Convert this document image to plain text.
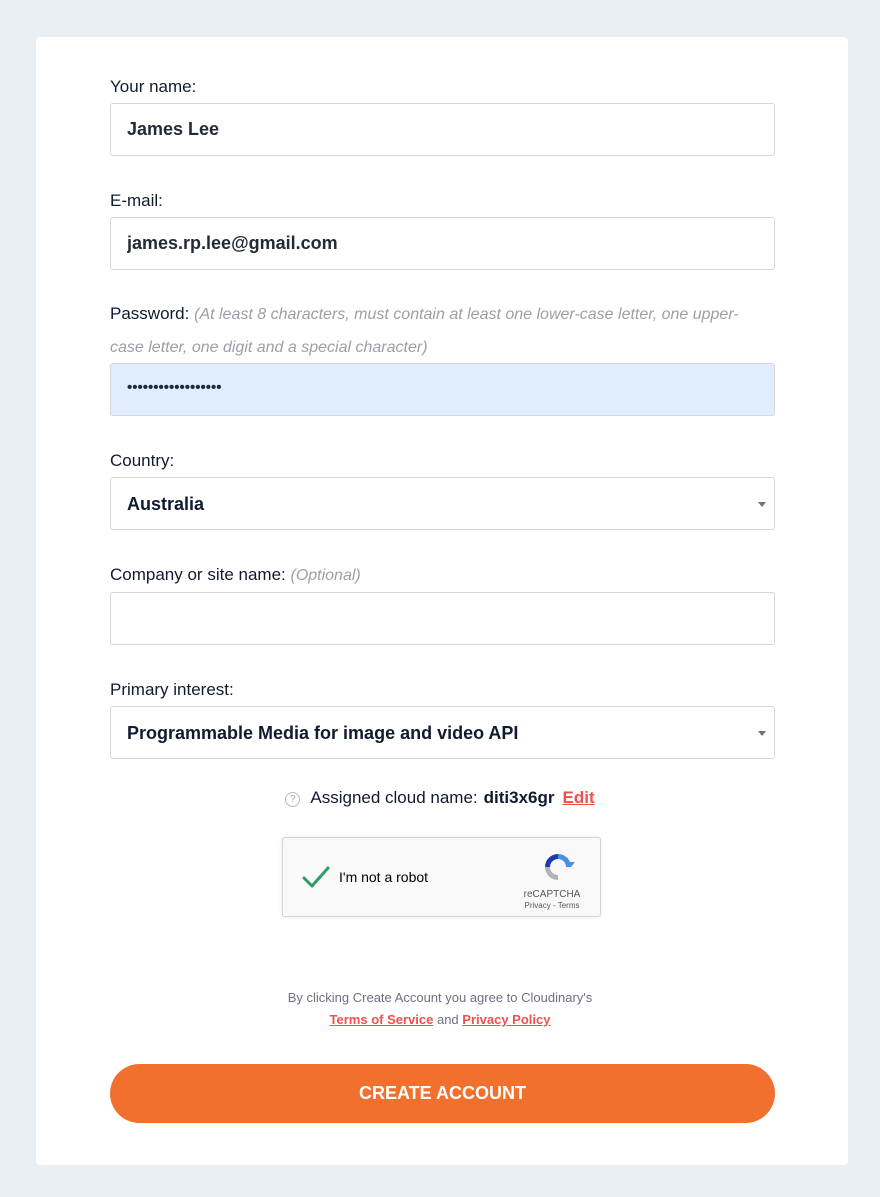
Your name:
James Lee
E-mail:
james.rp.lee@gmail.com
Password: (At least 8 characters, must contain at least one lower-case letter, one upper-case letter, one digit and a special character)
••••••••••••••••••
Country:
Australia
Company or site name: (Optional)
Primary interest:
Programmable Media for image and video API
? Assigned cloud name: diti3x6gr Edit
I'm not a robot
reCAPTCHA
Privacy - Terms
By clicking Create Account you agree to Cloudinary's
Terms of Service and Privacy Policy
CREATE ACCOUNT
